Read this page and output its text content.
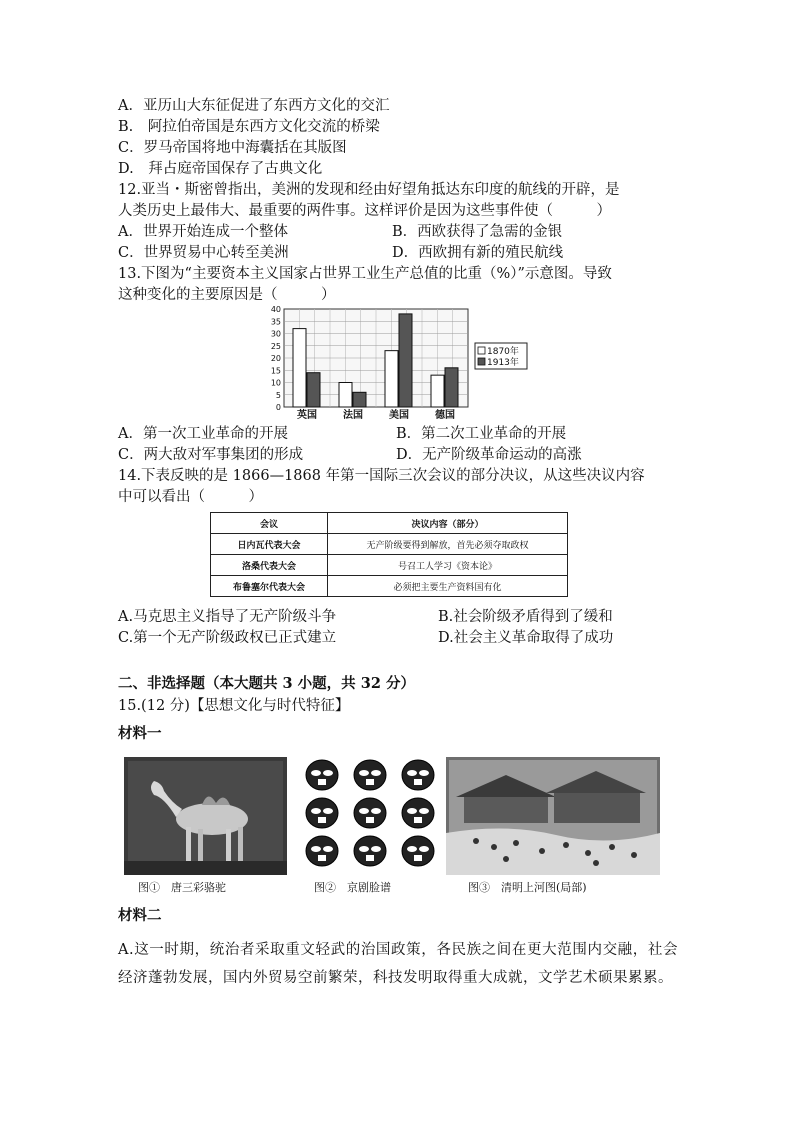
A．亚历山大东征促进了东西方文化的交汇
B.　阿拉伯帝国是东西方文化交流的桥梁
C．罗马帝国将地中海囊括在其版图
D.　拜占庭帝国保存了古典文化
12.亚当・斯密曾指出，美洲的发现和经由好望角抵达东印度的航线的开辟，是
人类历史上最伟大、最重要的两件事。这样评价是因为这些事件使（　　　）
A．世界开始连成一个整体	B．西欧获得了急需的金银
C．世界贸易中心转至美洲	D．西欧拥有新的殖民航线
13.下图为“主要资本主义国家占世界工业生产总值的比重（%）”示意图。导致
这种变化的主要原因是（　　　）
0
5
10
15
20
25
30
35
40
英国	法国	美国	德国
1870年
1913年
A．第一次工业革命的开展	B．第二次工业革命的开展
C．两大敌对军事集团的形成	D．无产阶级革命运动的高涨
14.下表反映的是 1866—1868 年第一国际三次会议的部分决议，从这些决议内容
中可以看出（　　　）
会议	决议内容（部分）
日内瓦代表大会	无产阶级要得到解放，首先必须夺取政权
洛桑代表大会	号召工人学习《资本论》
布鲁塞尔代表大会	必须把主要生产资料国有化
A.马克思主义指导了无产阶级斗争	B.社会阶级矛盾得到了缓和
C.第一个无产阶级政权已正式建立	D.社会主义革命取得了成功
二、非选择题（本大题共 3 小题，共 32 分）
15.(12 分)【思想文化与时代特征】
材料一
图①　唐三彩骆驼	图②　京剧脸谱	图③　清明上河图(局部)
材料二
A.这一时期，统治者采取重文轻武的治国政策，各民族之间在更大范围内交融，社会经济蓬勃发展，国内外贸易空前繁荣，科技发明取得重大成就，文学艺术硕果累累。
